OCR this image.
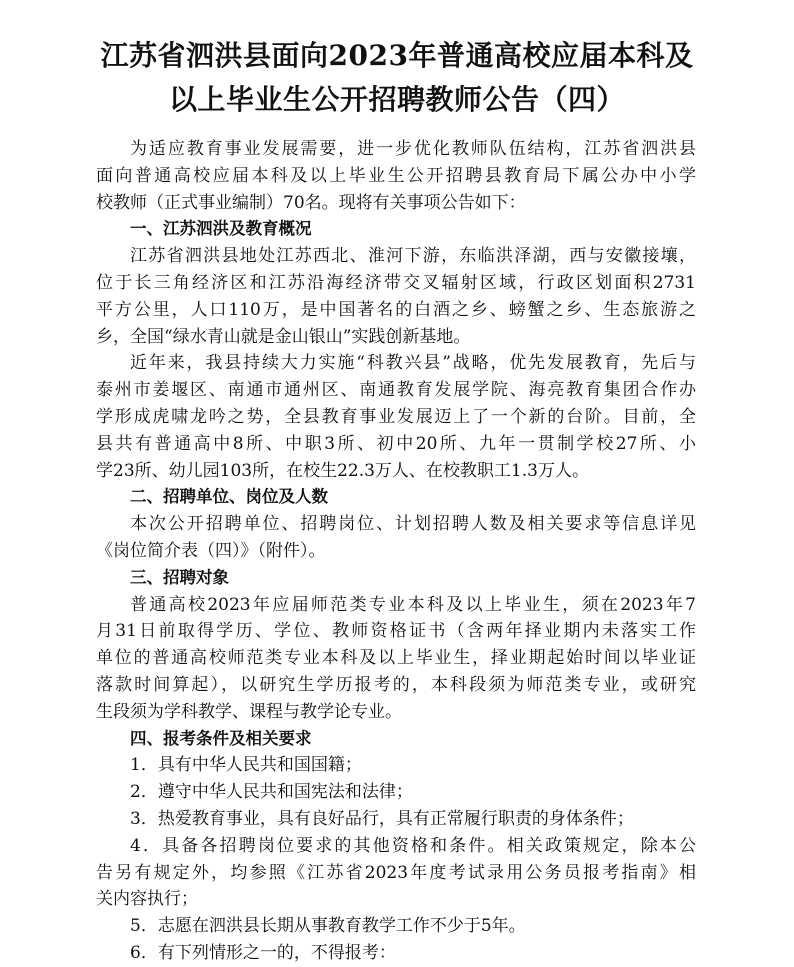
江苏省泗洪县面向2023年普通高校应届本科及
以上毕业生公开招聘教师公告（四）
为适应教育事业发展需要，进一步优化教师队伍结构，江苏省泗洪县
面向普通高校应届本科及以上毕业生公开招聘县教育局下属公办中小学
校教师（正式事业编制）70名。现将有关事项公告如下：
一、江苏泗洪及教育概况
江苏省泗洪县地处江苏西北、淮河下游，东临洪泽湖，西与安徽接壤，
位于长三角经济区和江苏沿海经济带交叉辐射区域，行政区划面积2731
平方公里，人口110万，是中国著名的白酒之乡、螃蟹之乡、生态旅游之
乡，全国“绿水青山就是金山银山”实践创新基地。
近年来，我县持续大力实施“科教兴县”战略，优先发展教育，先后与
泰州市姜堰区、南通市通州区、南通教育发展学院、海亮教育集团合作办
学形成虎啸龙吟之势，全县教育事业发展迈上了一个新的台阶。目前，全
县共有普通高中8所、中职3所、初中20所、九年一贯制学校27所、小
学23所、幼儿园103所，在校生22.3万人、在校教职工1.3万人。
二、招聘单位、岗位及人数
本次公开招聘单位、招聘岗位、计划招聘人数及相关要求等信息详见
《岗位简介表（四）》（附件）。
三、招聘对象
普通高校2023年应届师范类专业本科及以上毕业生，须在2023年7
月31日前取得学历、学位、教师资格证书（含两年择业期内未落实工作
单位的普通高校师范类专业本科及以上毕业生，择业期起始时间以毕业证
落款时间算起），以研究生学历报考的，本科段须为师范类专业，或研究
生段须为学科教学、课程与教学论专业。
四、报考条件及相关要求
1．具有中华人民共和国国籍；
2．遵守中华人民共和国宪法和法律；
3．热爱教育事业，具有良好品行，具有正常履行职责的身体条件；
4．具备各招聘岗位要求的其他资格和条件。相关政策规定，除本公
告另有规定外，均参照《江苏省2023年度考试录用公务员报考指南》相
关内容执行；
5．志愿在泗洪县长期从事教育教学工作不少于5年。
6．有下列情形之一的，不得报考：
